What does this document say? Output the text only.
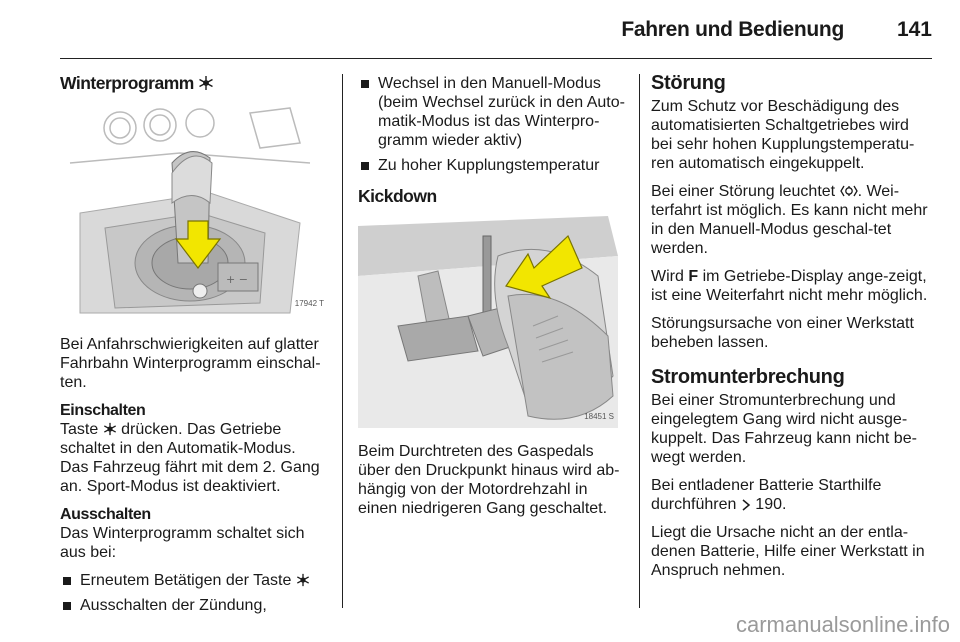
Fahren und Bedienung	141
Winterprogramm
+ −
17942 T

Bei Anfahrschwierigkeiten auf glatter Fahrbahn Winterprogramm einschal-ten.

Einschalten

Taste drücken. Das Getriebe schaltet in den Automatik-Modus. Das Fahrzeug fährt mit dem 2. Gang an. Sport-Modus ist deaktiviert.

Ausschalten

Das Winterprogramm schaltet sich aus bei:

Erneutem Betätigen der Taste
Ausschalten der Zündung,
Wechsel in den Manuell-Modus (beim Wechsel zurück in den Auto-matik-Modus ist das Winterpro-gramm wieder aktiv)
Zu hoher Kupplungstemperatur
Kickdown
18451 S

Beim Durchtreten des Gaspedals über den Druckpunkt hinaus wird ab-hängig von der Motordrehzahl in einen niedrigeren Gang geschaltet.

Störung

Zum Schutz vor Beschädigung des automatisierten Schaltgetriebes wird bei sehr hohen Kupplungstemperatu-ren automatisch eingekuppelt.

Bei einer Störung leuchtet . Wei-terfahrt ist möglich. Es kann nicht mehr in den Manuell-Modus geschal-tet werden.

Wird F im Getriebe-Display ange-zeigt, ist eine Weiterfahrt nicht mehr möglich.

Störungsursache von einer Werkstatt beheben lassen.

Stromunterbrechung

Bei einer Stromunterbrechung und eingelegtem Gang wird nicht ausge-kuppelt. Das Fahrzeug kann nicht be-wegt werden.

Bei entladener Batterie Starthilfe durchführen 190.

Liegt die Ursache nicht an der entla-denen Batterie, Hilfe einer Werkstatt in Anspruch nehmen.

carmanualsonline.info
